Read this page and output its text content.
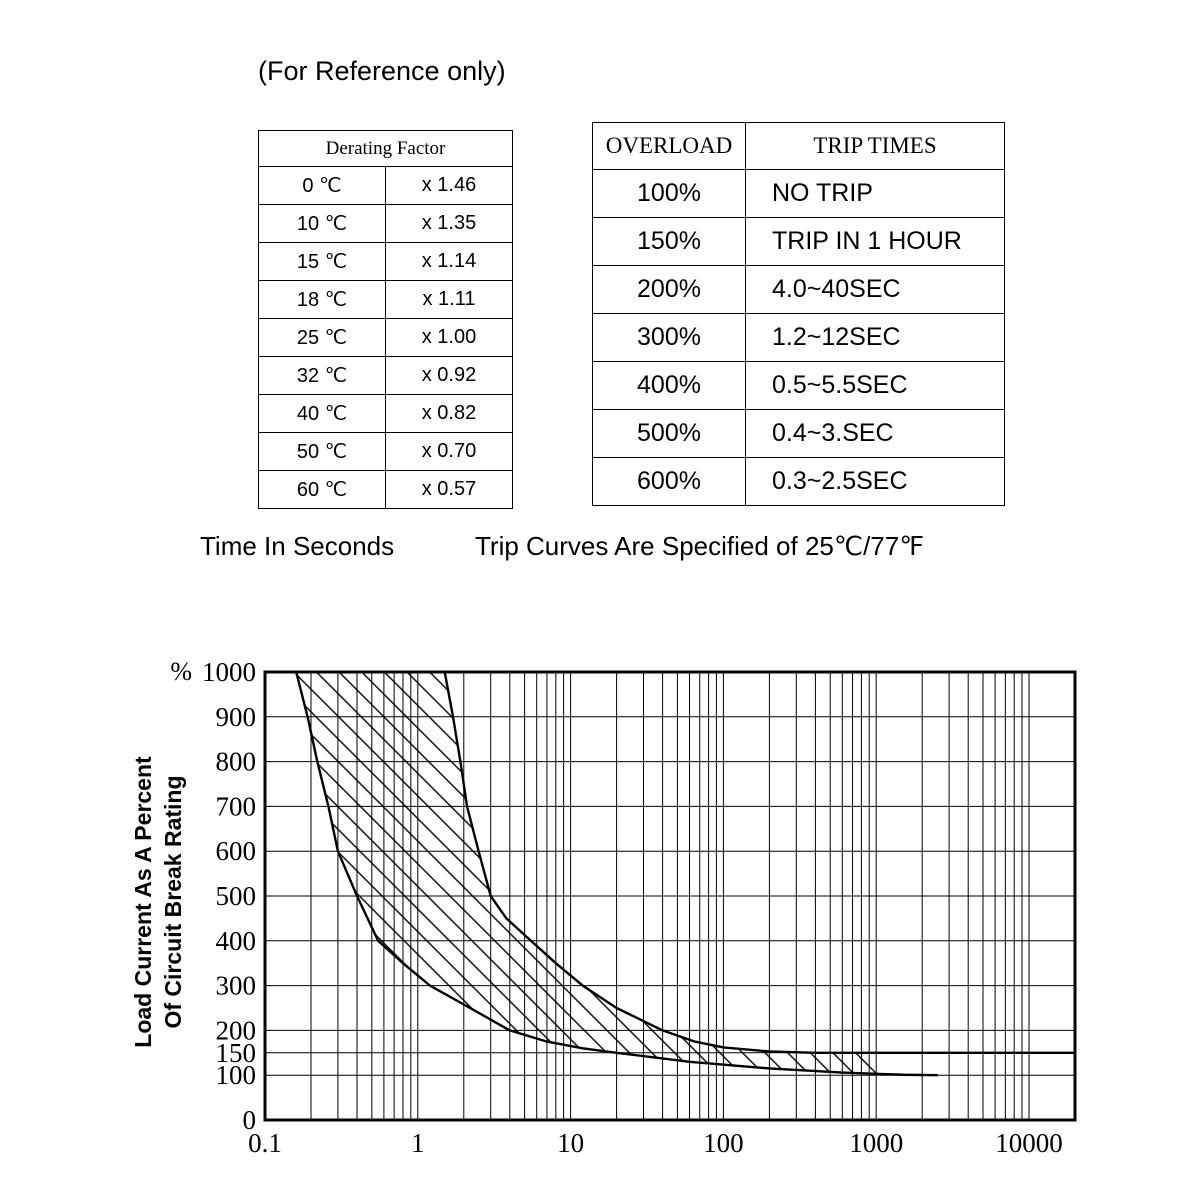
(For Reference only)
Derating Factor	
0 ℃	x 1.46
10 ℃	x 1.35
15 ℃	x 1.14
18 ℃	x 1.11
25 ℃	x 1.00
32 ℃	x 0.92
40 ℃	x 0.82
50 ℃	x 0.70
60 ℃	x 0.57
OVERLOAD	TRIP TIMES
100%	NO TRIP
150%	TRIP IN 1 HOUR
200%	4.0~40SEC
300%	1.2~12SEC
400%	0.5~5.5SEC
500%	0.4~3.SEC
600%	0.3~2.5SEC
Time In Seconds	Trip Curves Are Specified of 25℃/77℉
Load Current As A Percent Of Circuit Break Rating
0.1	1	10	100	1000	10000
0
100
150
200
300
400
500
600
700
800
900
1000
%
